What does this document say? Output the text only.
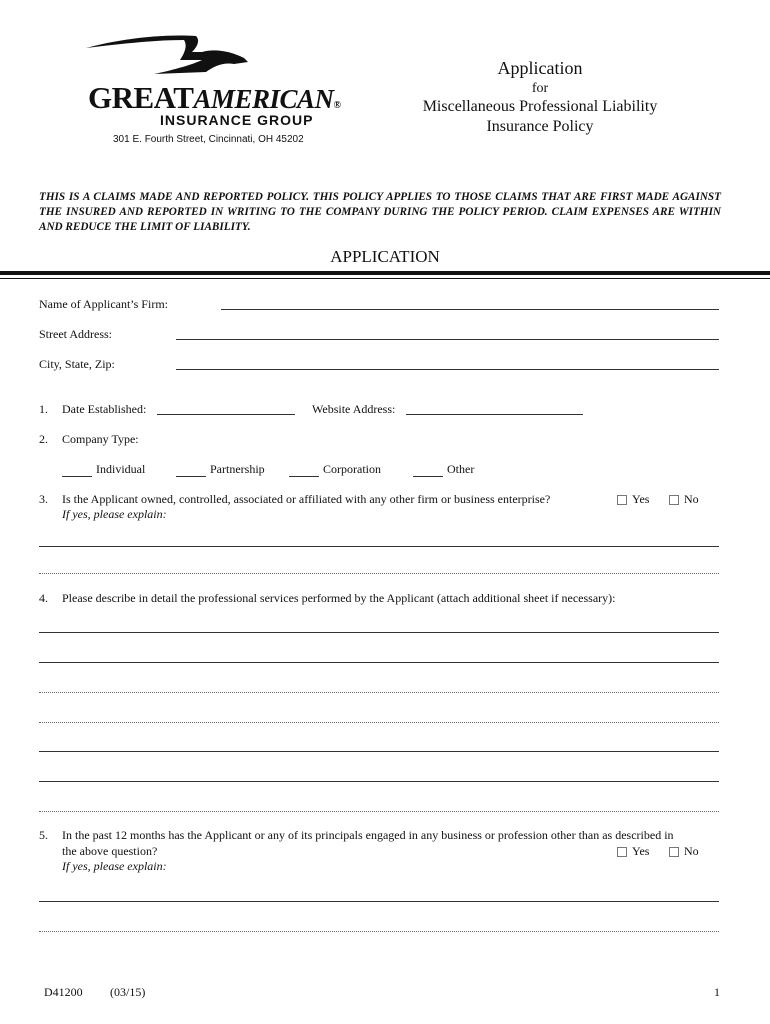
GREATAMERICAN®
INSURANCE GROUP
301 E. Fourth Street, Cincinnati, OH 45202
Application
for
Miscellaneous Professional Liability
Insurance Policy
THIS IS A CLAIMS MADE AND REPORTED POLICY. THIS POLICY APPLIES TO THOSE CLAIMS THAT ARE FIRST MADE AGAINST THE INSURED AND REPORTED IN WRITING TO THE COMPANY DURING THE POLICY PERIOD. CLAIM EXPENSES ARE WITHIN AND REDUCE THE LIMIT OF LIABILITY.
APPLICATION
Name of Applicant’s Firm:
Street Address:
City, State, Zip:
1. Date Established:	Website Address:
2. Company Type:
Individual	Partnership	Corporation	Other
3. Is the Applicant owned, controlled, associated or affiliated with any other firm or business enterprise?	Yes	No
If yes, please explain:
4. Please describe in detail the professional services performed by the Applicant (attach additional sheet if necessary):
5. In the past 12 months has the Applicant or any of its principals engaged in any business or profession other than as described in
the above question?	Yes	No
If yes, please explain:
D41200 (03/15)	1
